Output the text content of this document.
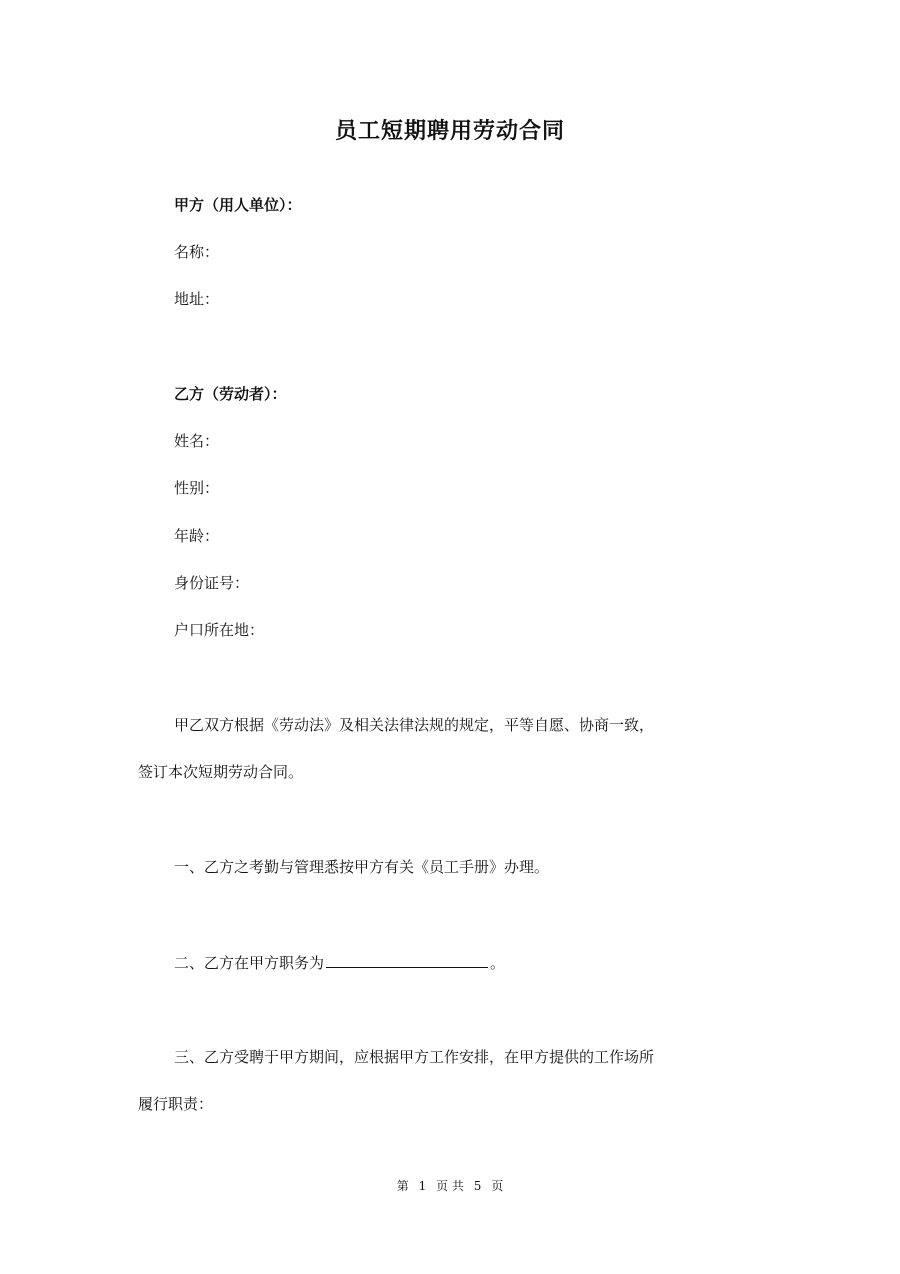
员工短期聘用劳动合同
甲方（用人单位）：
名称：
地址：
乙方（劳动者）：
姓名：
性别：
年龄：
身份证号：
户口所在地：
甲乙双方根据《劳动法》及相关法律法规的规定，平等自愿、协商一致，
签订本次短期劳动合同。
一、乙方之考勤与管理悉按甲方有关《员工手册》办理。
二、乙方在甲方职务为	。
三、乙方受聘于甲方期间，应根据甲方工作安排，在甲方提供的工作场所
履行职责：
第 1 页 共 5 页
